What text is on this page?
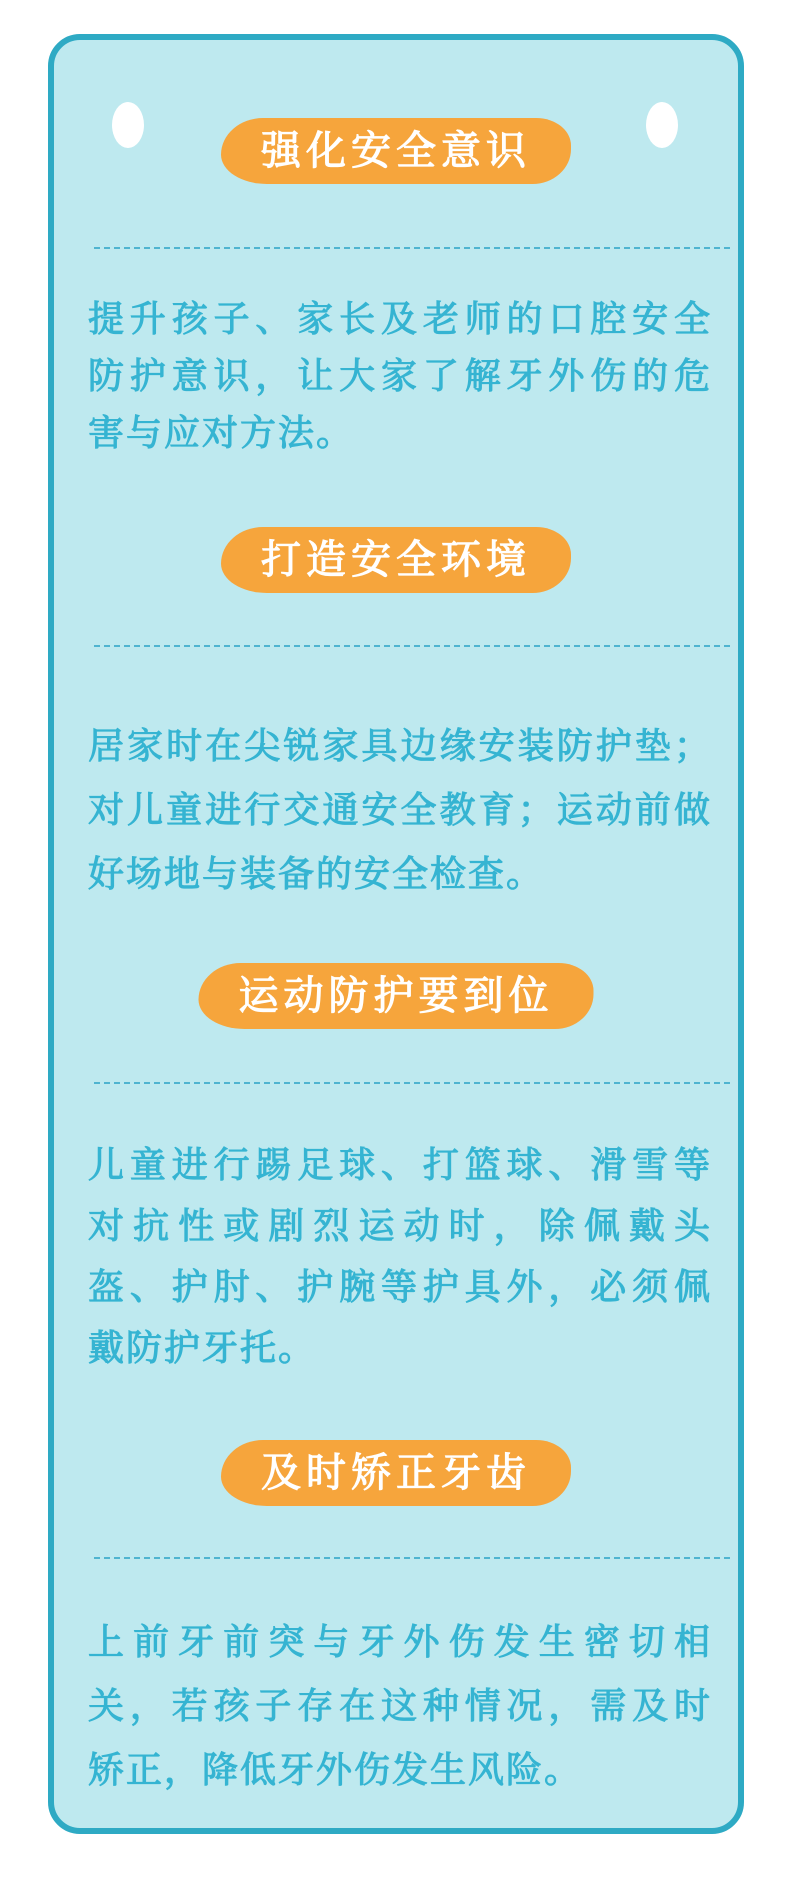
强化安全意识
提升孩子、家长及老师的口腔安全
防护意识，让大家了解牙外伤的危
害与应对方法。
打造安全环境
居家时在尖锐家具边缘安装防护垫；
对儿童进行交通安全教育；运动前做
好场地与装备的安全检查。
运动防护要到位
儿童进行踢足球、打篮球、滑雪等
对抗性或剧烈运动时，除佩戴头
盔、护肘、护腕等护具外，必须佩
戴防护牙托。
及时矫正牙齿
上前牙前突与牙外伤发生密切相
关，若孩子存在这种情况，需及时
矫正，降低牙外伤发生风险。
